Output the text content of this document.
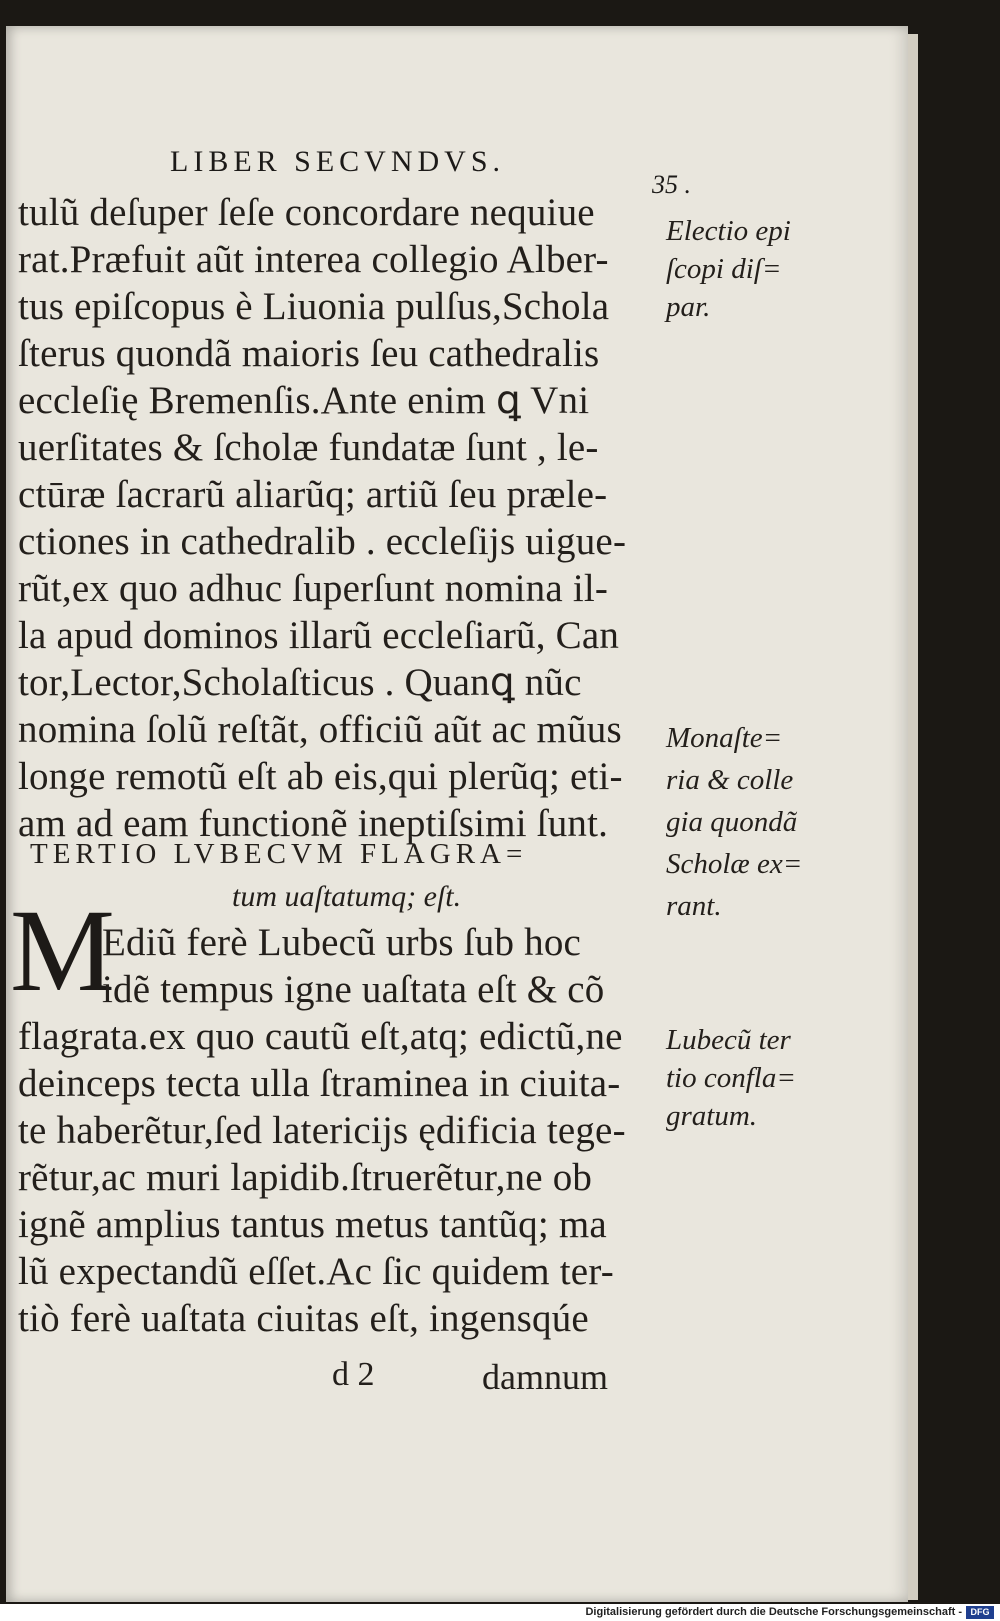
LIBER SECVNDVS.
35 .
tulũ deſuper ſeſe concordare nequiue
rat.Præfuit aũt interea collegio Alber-
tus epiſcopus è Liuonia pulſus,Schola
ſterus quondã maioris ſeu cathedralis
eccleſię Bremenſis.Ante enim ꝗ Vni
uerſitates & ſcholæ fundatæ ſunt , le-
ctūræ ſacrarũ aliarũq; artiũ ſeu præle-
ctiones in cathedralib . eccleſijs uigue-
rũt,ex quo adhuc ſuperſunt nomina il-
la apud dominos illarũ eccleſiarũ, Can
tor,Lector,Scholaſticus . Quanꝗ nũc
nomina ſolũ reſtãt, officiũ aũt ac mũus
longe remotũ eſt ab eis,qui plerũq; eti-
am ad eam functionẽ ineptiſsimi ſunt.
TERTIO LVBECVM FLAGRA=
tum uaſtatumq; eſt.
M
Ediũ ferè Lubecũ urbs ſub hoc
idẽ tempus igne uaſtata eſt & cõ
flagrata.ex quo cautũ eſt,atq; edictũ,ne
deinceps tecta ulla ſtraminea in ciuita-
te haberẽtur,ſed latericijs ędificia tege-
rẽtur,ac muri lapidib.ſtruerẽtur,ne ob
ignẽ amplius tantus metus tantũq; ma
lũ expectandũ eſſet.Ac ſic quidem ter-
tiò ferè uaſtata ciuitas eſt, ingensqúe
Electio epi
ſcopi diſ=
par.
Monaſte=
ria & colle
gia quondã
Scholæ ex=
rant.
Lubecũ ter
tio confla=
gratum.
d 2	damnum
Digitalisierung gefördert durch die Deutsche Forschungsgemeinschaft - DFG
